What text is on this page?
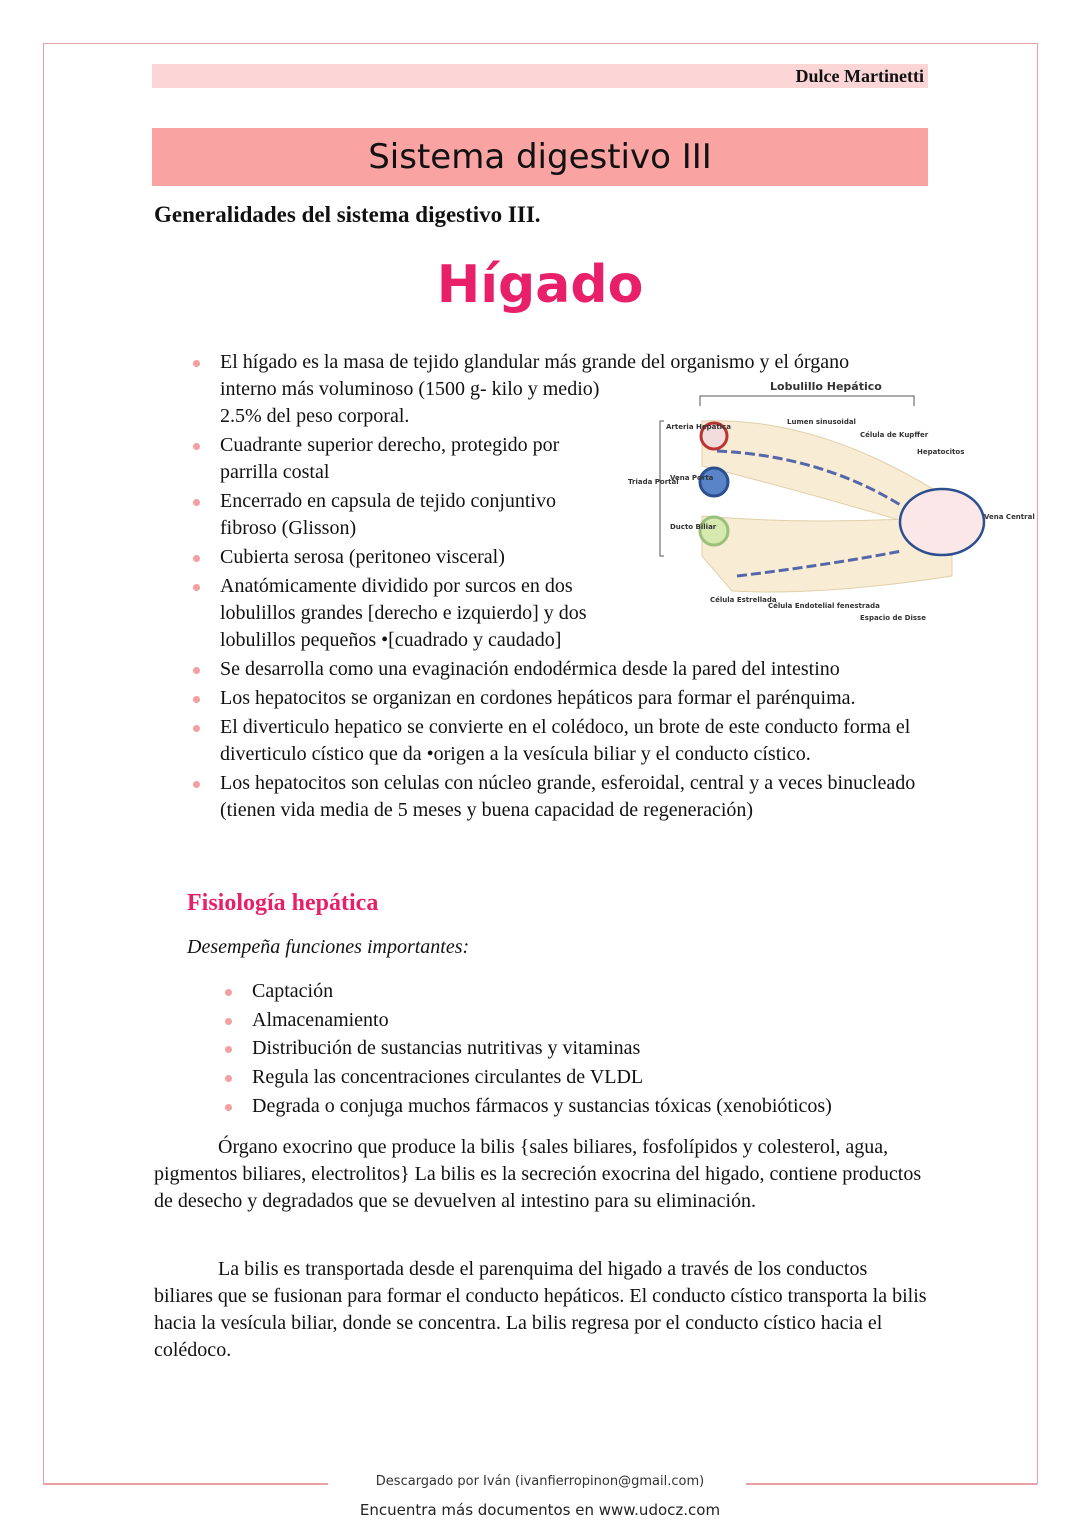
Dulce Martinetti
Sistema digestivo III
Generalidades del sistema digestivo III.
Hígado
El hígado es la masa de tejido glandular más grande del organismo y el órgano
interno más voluminoso (1500 g- kilo y medio) 2.5% del peso corporal.
Cuadrante superior derecho, protegido por parrilla costal
Encerrado en capsula de tejido conjuntivo fibroso (Glisson)
Cubierta serosa (peritoneo visceral)
Anatómicamente dividido por surcos en dos lobulillos grandes [derecho e izquierdo] y dos lobulillos pequeños •[cuadrado y caudado]
Se desarrolla como una evaginación endodérmica desde la pared del intestino
Los hepatocitos se organizan en cordones hepáticos para formar el parénquima.
El diverticulo hepatico se convierte en el colédoco, un brote de este conducto forma el diverticulo cístico que da •origen a la vesícula biliar y el conducto cístico.
Los hepatocitos son celulas con núcleo grande, esferoidal, central y a veces binucleado (tienen vida media de 5 meses y buena capacidad de regeneración)
Lobulillo Hepático
Arteria Hepática
Vena Porta
Triada Portal
Ducto Biliar
Lumen sinusoidal
Célula de Kupffer
Hepatocitos
Vena Central
Célula Estrellada
Célula Endotelial fenestrada
Espacio de Disse
Fisiología hepática
Desempeña funciones importantes:
Captación
Almacenamiento
Distribución de sustancias nutritivas y vitaminas
Regula las concentraciones circulantes de VLDL
Degrada o conjuga muchos fármacos y sustancias tóxicas (xenobióticos)
Órgano exocrino que produce la bilis {sales biliares, fosfolípidos y colesterol, agua, pigmentos biliares, electrolitos} La bilis es la secreción exocrina del higado, contiene productos de desecho y degradados que se devuelven al intestino para su eliminación.
La bilis es transportada desde el parenquima del higado a través de los conductos biliares que se fusionan para formar el conducto hepáticos. El conducto cístico transporta la bilis hacia la vesícula biliar, donde se concentra. La bilis regresa por el conducto cístico hacia el colédoco.
Descargado por Iván (ivanfierropinon@gmail.com)
Encuentra más documentos en www.udocz.com
